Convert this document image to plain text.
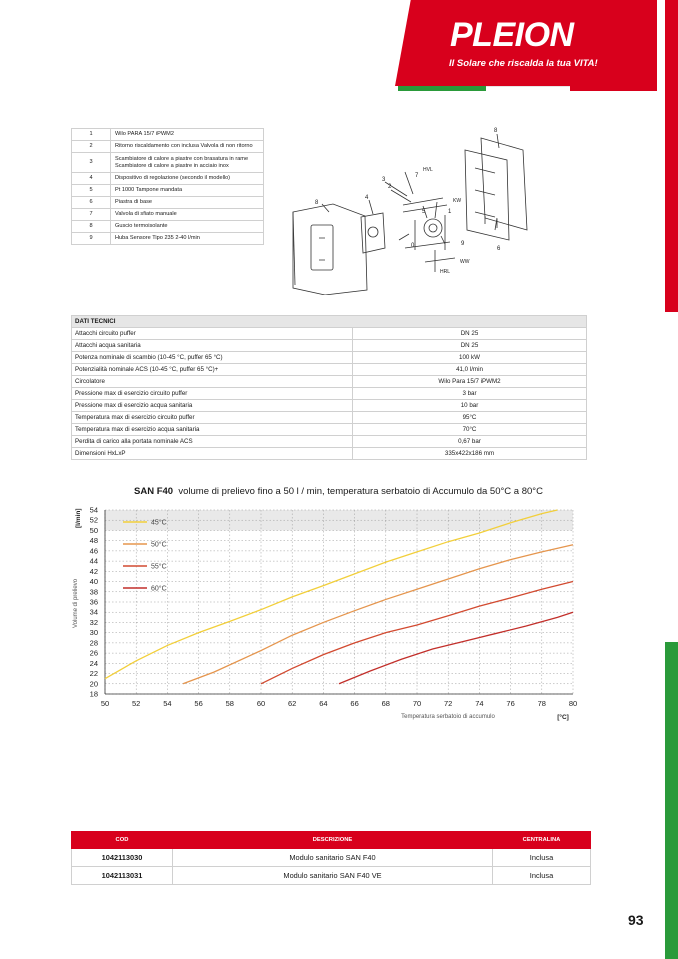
PLEION
Il Solare che riscalda la tua VITA!
1	Wilo PARA 15/7 iPWM2
2	Ritorno riscaldamento con inclusa Valvola di non ritorno
3	Scambiatore di calore a piastre con brasatura in rame
Scambiatore di calore a piastre in acciaio inox

4	Dispositivo di regolazione (secondo il modello)
5	Pt 1000 Tampone mandata
6	Piastra di base
7	Valvola di sfiato manuale
8	Guscio termoisolante
9	Huba Sensore Tipo 235 2-40 l/min
8
8
4
3
2
7
5	1
9
0	6
HVL
KW
WW
HRL
DATI TECNICI	
Attacchi circuito puffer	DN 25
Attacchi acqua sanitaria	DN 25
Potenza nominale di scambio (10-45 °C, puffer 65 °C)	100 kW
Potenzialità nominale ACS (10-45 °C, puffer 65 °C)+	41,0 l/min
Circolatore	Wilo Para 15/7 iPWM2
Pressione max di esercizio circuito puffer	3 bar
Pressione max di esercizio acqua sanitaria	10 bar
Temperatura max di esercizio circuito puffer	95°C
Temperatura max di esercizio acqua sanitaria	70°C
Perdita di carico alla portata nominale ACS	0,67 bar
Dimensioni HxLxP	335x422x186 mm
SAN F40 volume di prelievo fino a 50 l / min, temperatura serbatoio di Accumulo da 50°C a 80°C
18
20
22
24
26
28
30
32
34
36
38
40
42
44
46
48
50
52
54
50	52	54	56	58	60	62	64	66	68	70	72	74	76	78	80
Volume di prelievo
[l/min]
Temperatura serbatoio di accumulo	[°C]
45°C
50°C
55°C
60°C
COD	DESCRIZIONE	CENTRALINA
1042113030	Modulo sanitario SAN F40	Inclusa
1042113031	Modulo sanitario SAN F40 VE	Inclusa
93
